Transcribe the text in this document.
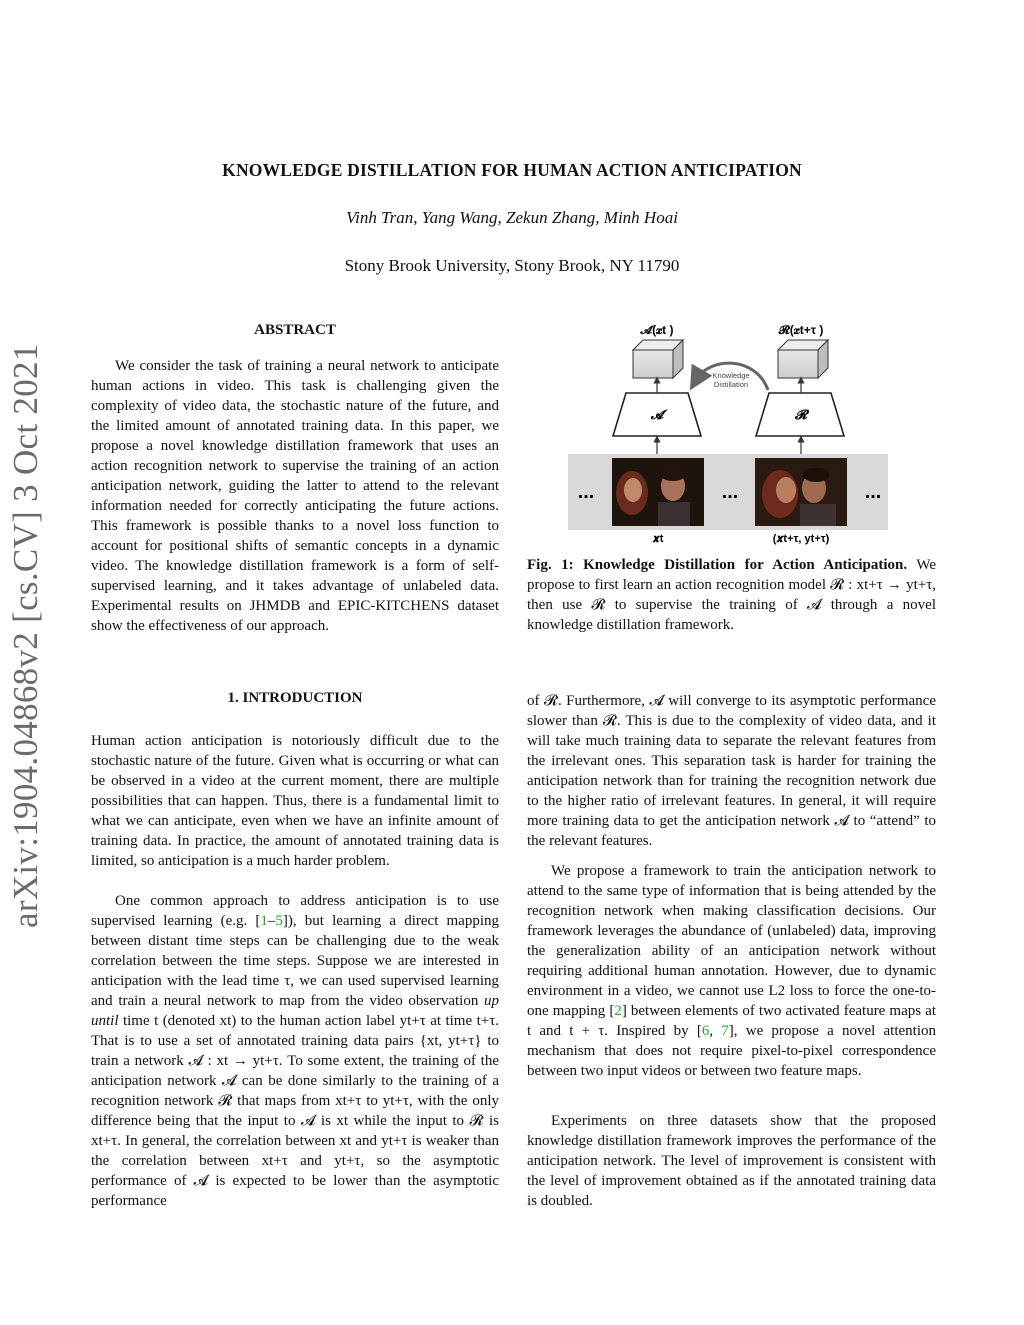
arXiv:1904.04868v2 [cs.CV] 3 Oct 2021
KNOWLEDGE DISTILLATION FOR HUMAN ACTION ANTICIPATION
Vinh Tran, Yang Wang, Zekun Zhang, Minh Hoai
Stony Brook University, Stony Brook, NY 11790
ABSTRACT

We consider the task of training a neural network to anticipate human actions in video. This task is challenging given the complexity of video data, the stochastic nature of the future, and the limited amount of annotated training data. In this paper, we propose a novel knowledge distillation framework that uses an action recognition network to supervise the training of an action anticipation network, guiding the latter to attend to the relevant information needed for correctly anticipating the future actions. This framework is possible thanks to a novel loss function to account for positional shifts of semantic concepts in a dynamic video. The knowledge distillation framework is a form of self-supervised learning, and it takes advantage of unlabeled data. Experimental results on JHMDB and EPIC-KITCHENS dataset show the effectiveness of our approach.

𝓐(𝒙t )	𝓡(𝒙t+τ )
𝓐	𝓡
Knowledge
Distillation
...	...	...
𝒙t	(𝒙t+τ, yt+τ)
Fig. 1: Knowledge Distillation for Action Anticipation. We propose to first learn an action recognition model 𝓡 : xt+τ → yt+τ, then use 𝓡 to supervise the training of 𝓐 through a novel knowledge distillation framework.
1. INTRODUCTION

Human action anticipation is notoriously difficult due to the stochastic nature of the future. Given what is occurring or what can be observed in a video at the current moment, there are multiple possibilities that can happen. Thus, there is a fundamental limit to what we can anticipate, even when we have an infinite amount of training data. In practice, the amount of annotated training data is limited, so anticipation is a much harder problem.

One common approach to address anticipation is to use supervised learning (e.g. [1–5]), but learning a direct mapping between distant time steps can be challenging due to the weak correlation between the time steps. Suppose we are interested in anticipation with the lead time τ, we can used supervised learning and train a neural network to map from the video observation up until time t (denoted xt) to the human action label yt+τ at time t+τ. That is to use a set of annotated training data pairs {xt, yt+τ} to train a network 𝓐 : xt → yt+τ. To some extent, the training of the anticipation network 𝓐 can be done similarly to the training of a recognition network 𝓡 that maps from xt+τ to yt+τ, with the only difference being that the input to 𝓐 is xt while the input to 𝓡 is xt+τ. In general, the correlation between xt and yt+τ is weaker than the correlation between xt+τ and yt+τ, so the asymptotic performance of 𝓐 is expected to be lower than the asymptotic performance

of 𝓡. Furthermore, 𝓐 will converge to its asymptotic performance slower than 𝓡. This is due to the complexity of video data, and it will take much training data to separate the relevant features from the irrelevant ones. This separation task is harder for training the anticipation network than for training the recognition network due to the higher ratio of irrelevant features. In general, it will require more training data to get the anticipation network 𝓐 to “attend” to the relevant features.

We propose a framework to train the anticipation network to attend to the same type of information that is being attended by the recognition network when making classification decisions. Our framework leverages the abundance of (unlabeled) data, improving the generalization ability of an anticipation network without requiring additional human annotation. However, due to dynamic environment in a video, we cannot use L2 loss to force the one-to-one mapping [2] between elements of two activated feature maps at t and t + τ. Inspired by [6, 7], we propose a novel attention mechanism that does not require pixel-to-pixel correspondence between two input videos or between two feature maps.

Experiments on three datasets show that the proposed knowledge distillation framework improves the performance of the anticipation network. The level of improvement is consistent with the level of improvement obtained as if the annotated training data is doubled.
